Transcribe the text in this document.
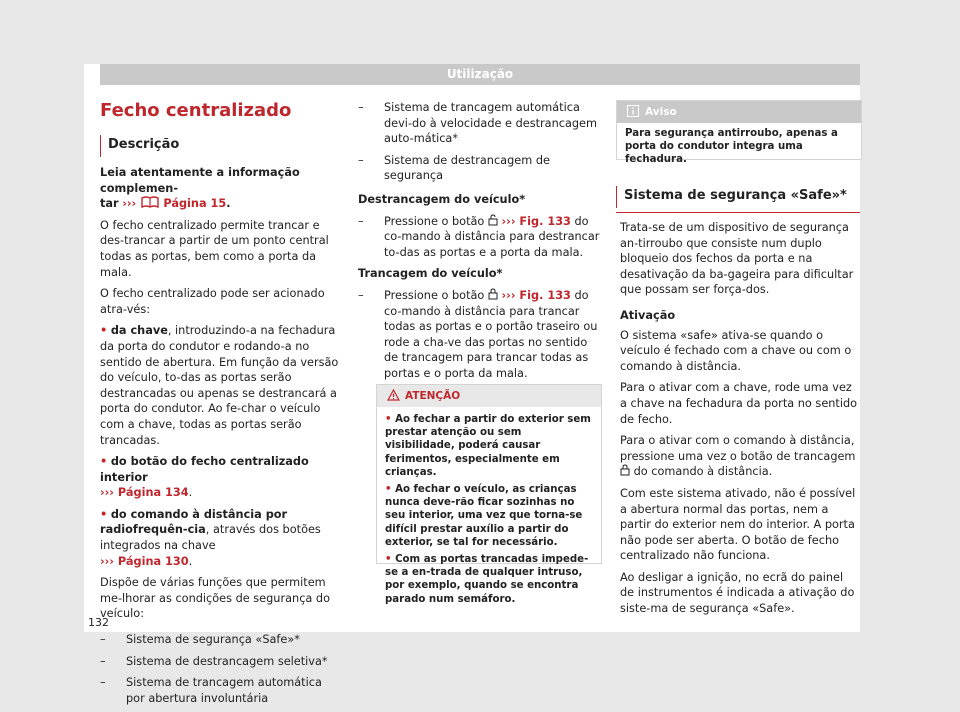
Utilização
Fecho centralizado
Descrição

Leia atentamente a informação complemen-
tar ››› Página 15.

O fecho centralizado permite trancar e des-trancar a partir de um ponto central todas as portas, bem como a porta da mala.

O fecho centralizado pode ser acionado atra-vés:

• da chave, introduzindo-a na fechadura da porta do condutor e rodando-a no sentido de abertura. Em função da versão do veículo, to-das as portas serão destrancadas ou apenas se destrancará a porta do condutor. Ao fe-char o veículo com a chave, todas as portas serão trancadas.

• do botão do fecho centralizado interior
››› Página 134.

• do comando à distância por radiofrequên-cia, através dos botões integrados na chave
››› Página 130.

Dispõe de várias funções que permitem me-lhorar as condições de segurança do veículo:

– Sistema de segurança «Safe»*

– Sistema de destrancagem seletiva*

– Sistema de trancagem automática por abertura involuntária

– Sistema de trancagem automática devi-do à velocidade e destrancagem auto-mática*

– Sistema de destrancagem de segurança

Destrancagem do veículo*

– Pressione o botão ››› Fig. 133 do co-mando à distância para destrancar to-das as portas e a porta da mala.

Trancagem do veículo*

– Pressione o botão ››› Fig. 133 do co-mando à distância para trancar todas as portas e o portão traseiro ou rode a cha-ve das portas no sentido de trancagem para trancar todas as portas e o porta da mala.

ATENÇÃO

• Ao fechar a partir do exterior sem prestar atenção ou sem visibilidade, poderá causar ferimentos, especialmente em crianças.

• Ao fechar o veículo, as crianças nunca deve-rão ficar sozinhas no seu interior, uma vez que torna-se difícil prestar auxílio a partir do exterior, se tal for necessário.

• Com as portas trancadas impede-se a en-trada de qualquer intruso, por exemplo, quando se encontra parado num semáforo.

Aviso
Para segurança antirroubo, apenas a porta do condutor integra uma fechadura.
Sistema de segurança «Safe»*

Trata-se de um dispositivo de segurança an-tirroubo que consiste num duplo bloqueio dos fechos da porta e na desativação da ba-gageira para dificultar que possam ser força-dos.

Ativação

O sistema «safe» ativa-se quando o veículo é fechado com a chave ou com o comando à distância.

Para o ativar com a chave, rode uma vez a chave na fechadura da porta no sentido de fecho.

Para o ativar com o comando à distância, pressione uma vez o botão de trancagem  do comando à distância.

Com este sistema ativado, não é possível a abertura normal das portas, nem a partir do exterior nem do interior. A porta não pode ser aberta. O botão de fecho centralizado não funciona.

Ao desligar a ignição, no ecrã do painel de instrumentos é indicada a ativação do siste-ma de segurança «Safe».

132
